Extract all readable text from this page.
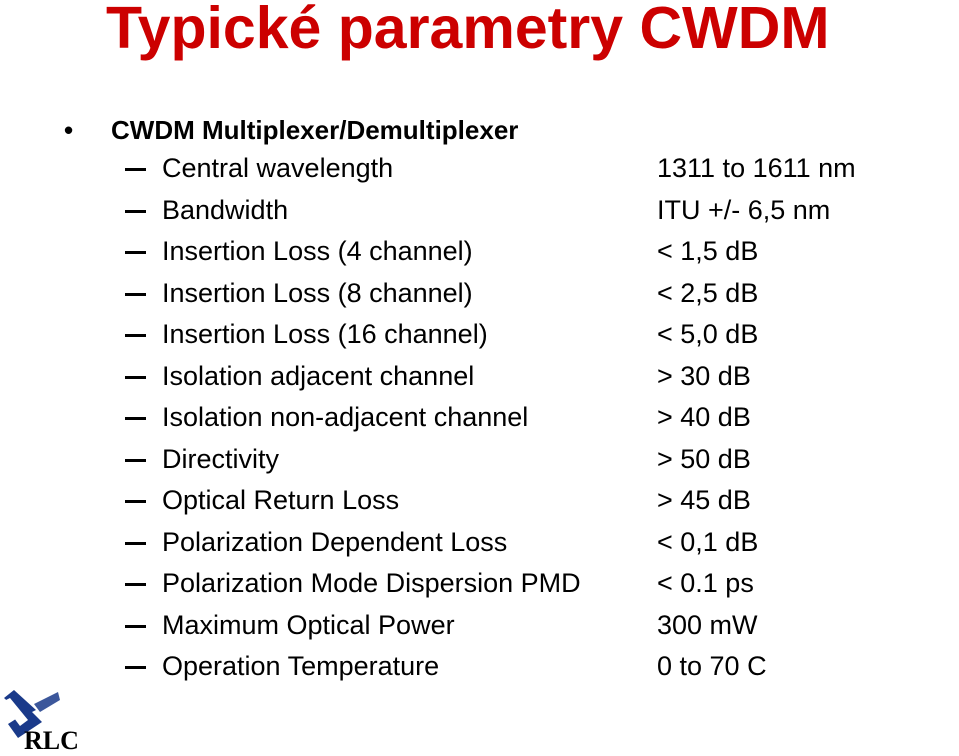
Typické parametry CWDM
•	CWDM Multiplexer/Demultiplexer
Central wavelength	1311 to 1611 nm
Bandwidth	ITU +/- 6,5 nm
Insertion Loss (4 channel)	< 1,5 dB
Insertion Loss (8 channel)	< 2,5 dB
Insertion Loss (16 channel)	< 5,0 dB
Isolation adjacent channel	> 30 dB
Isolation non-adjacent channel	> 40 dB
Directivity	> 50 dB
Optical Return Loss	> 45 dB
Polarization Dependent Loss	< 0,1 dB
Polarization Mode Dispersion PMD	< 0.1 ps
Maximum Optical Power	300 mW
Operation Temperature	0 to 70 C
RLC
